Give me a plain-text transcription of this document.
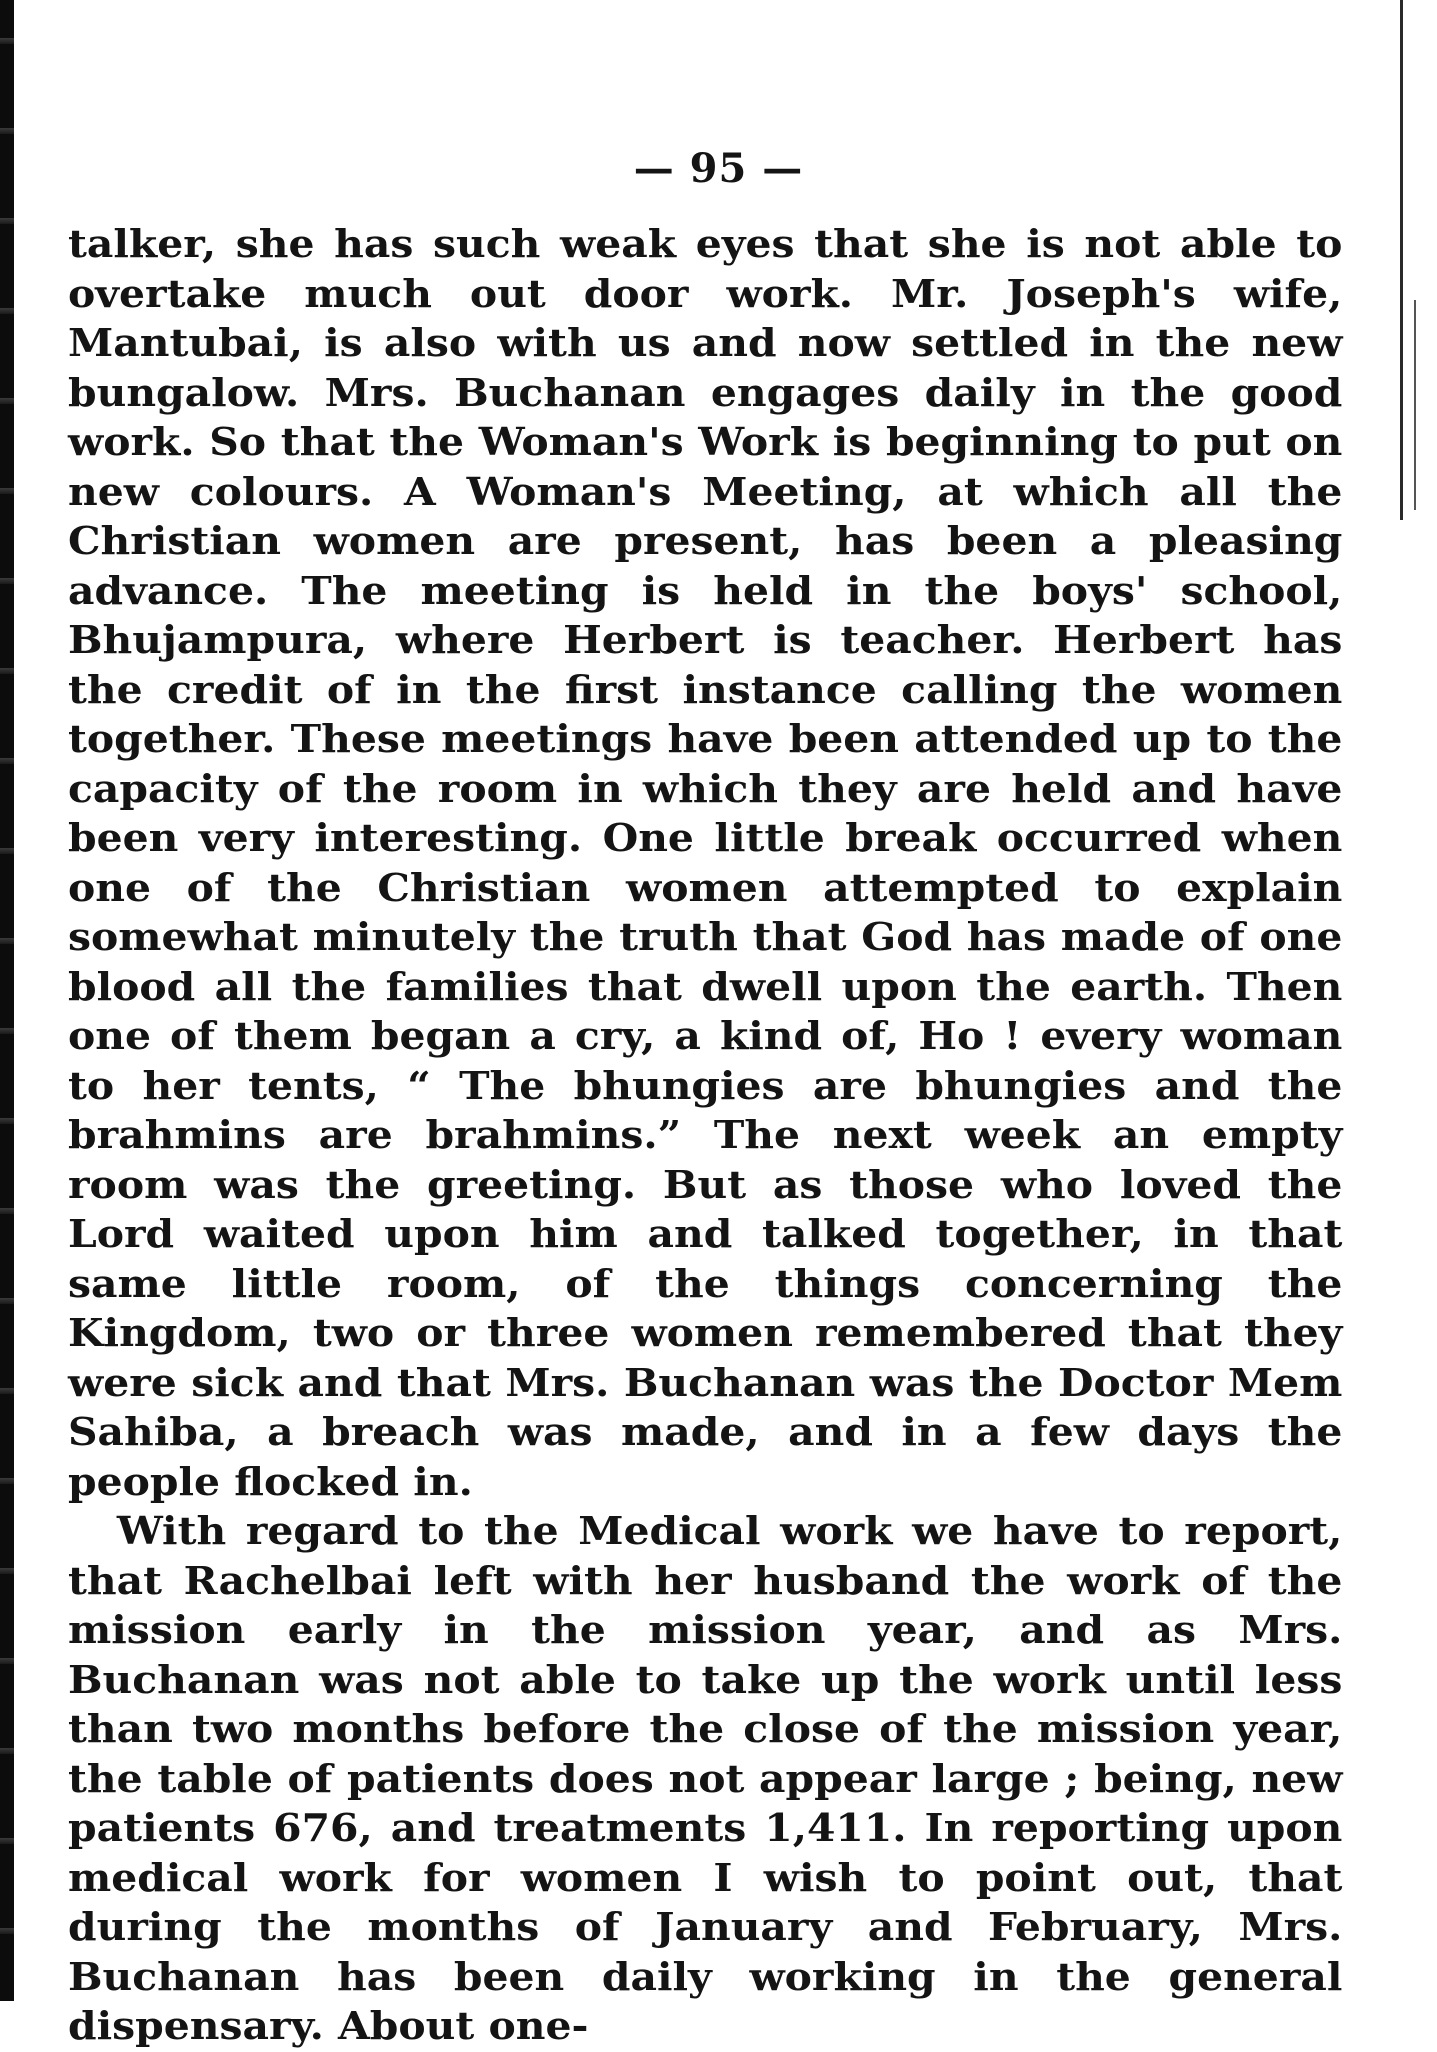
— 95 —

talker, she has such weak eyes that she is not able to overtake much out door work. Mr. Joseph's wife, Mantubai, is also with us and now settled in the new bungalow. Mrs. Buchanan engages daily in the good work. So that the Woman's Work is beginning to put on new colours. A Woman's Meeting, at which all the Christian women are present, has been a pleasing advance. The meeting is held in the boys' school, Bhujampura, where Herbert is teacher. Herbert has the credit of in the first instance calling the women together. These meetings have been attended up to the capacity of the room in which they are held and have been very interesting. One little break occurred when one of the Christian women attempted to explain somewhat minutely the truth that God has made of one blood all the families that dwell upon the earth. Then one of them began a cry, a kind of, Ho ! every woman to her tents, “ The bhungies are bhungies and the brahmins are brahmins.” The next week an empty room was the greeting. But as those who loved the Lord waited upon him and talked together, in that same little room, of the things concerning the Kingdom, two or three women remembered that they were sick and that Mrs. Buchanan was the Doctor Mem Sahiba, a breach was made, and in a few days the people flocked in.

With regard to the Medical work we have to report, that Rachelbai left with her husband the work of the mission early in the mission year, and as Mrs. Buchanan was not able to take up the work until less than two months before the close of the mission year, the table of patients does not appear large ; being, new patients 676, and treatments 1,411. In reporting upon medical work for women I wish to point out, that during the months of January and February, Mrs. Buchanan has been daily working in the general dispensary. About one-
